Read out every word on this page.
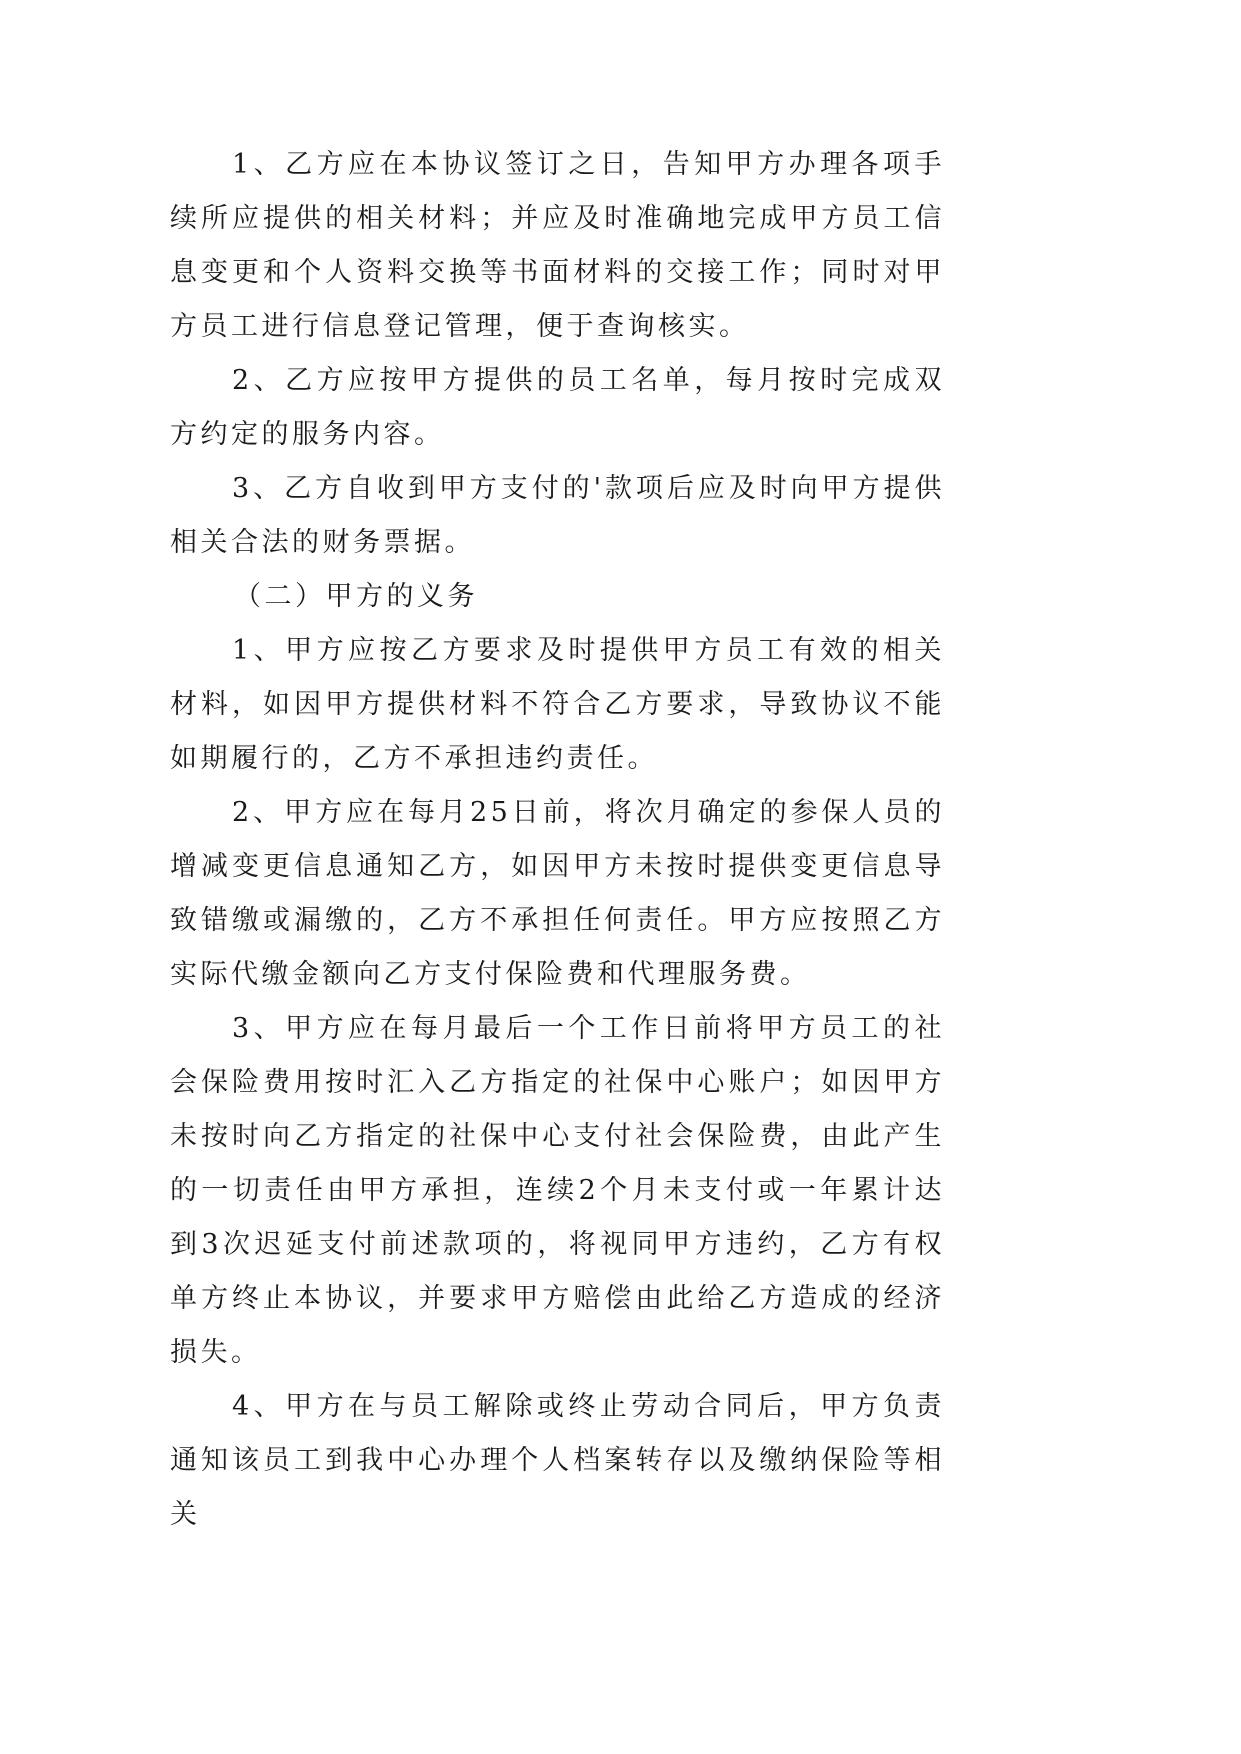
1、乙方应在本协议签订之日，告知甲方办理各项手续所应提供的相关材料；并应及时准确地完成甲方员工信息变更和个人资料交换等书面材料的交接工作；同时对甲方员工进行信息登记管理，便于查询核实。

2、乙方应按甲方提供的员工名单，每月按时完成双方约定的服务内容。

3、乙方自收到甲方支付的'款项后应及时向甲方提供相关合法的财务票据。

（二）甲方的义务

1、甲方应按乙方要求及时提供甲方员工有效的相关材料，如因甲方提供材料不符合乙方要求，导致协议不能如期履行的，乙方不承担违约责任。

2、甲方应在每月25日前，将次月确定的参保人员的增减变更信息通知乙方，如因甲方未按时提供变更信息导致错缴或漏缴的，乙方不承担任何责任。甲方应按照乙方实际代缴金额向乙方支付保险费和代理服务费。

3、甲方应在每月最后一个工作日前将甲方员工的社会保险费用按时汇入乙方指定的社保中心账户；如因甲方未按时向乙方指定的社保中心支付社会保险费，由此产生的一切责任由甲方承担，连续2个月未支付或一年累计达到3次迟延支付前述款项的，将视同甲方违约，乙方有权单方终止本协议，并要求甲方赔偿由此给乙方造成的经济损失。

4、甲方在与员工解除或终止劳动合同后，甲方负责通知该员工到我中心办理个人档案转存以及缴纳保险等相关
